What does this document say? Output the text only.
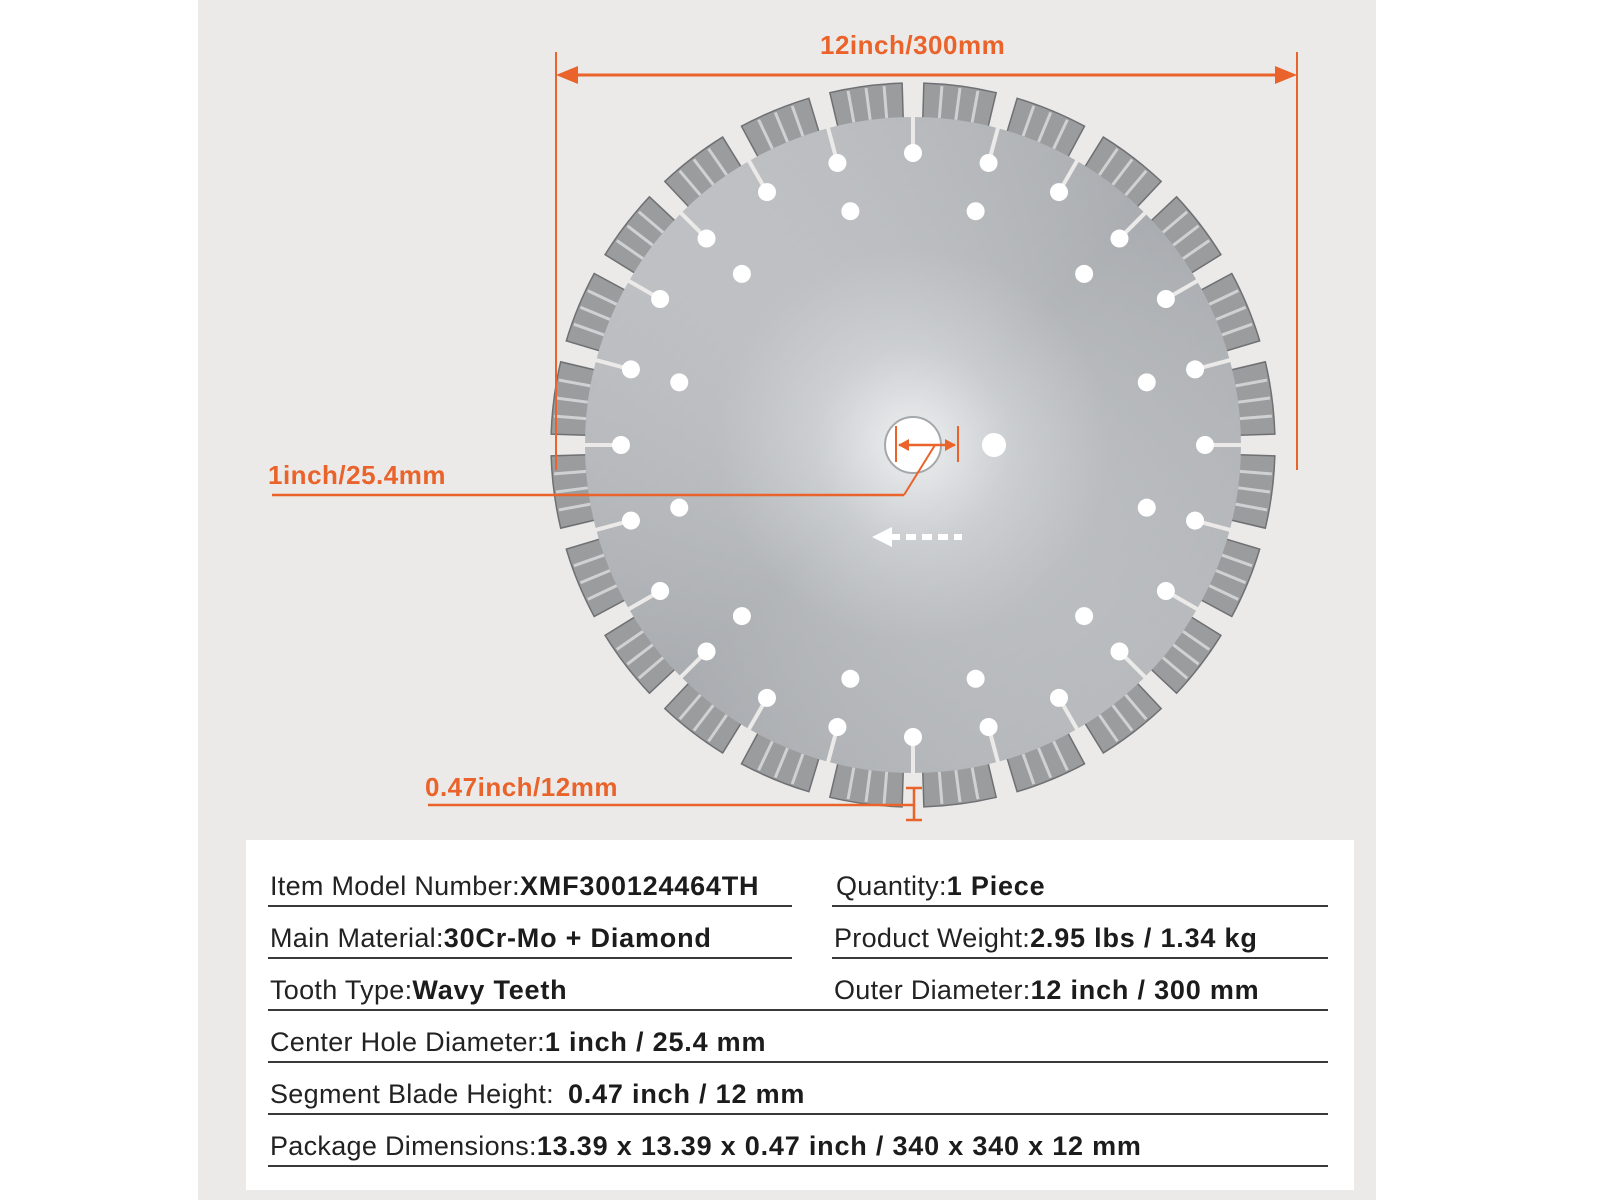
12inch/300mm
1inch/25.4mm
0.47inch/12mm
Item Model Number: XMF300124464TH	Quantity: 1 Piece
Main Material: 30Cr-Mo + Diamond	Product Weight: 2.95 lbs / 1.34 kg
Tooth Type: Wavy Teeth	Outer Diameter: 12 inch / 300 mm
Center Hole Diameter: 1 inch / 25.4 mm
Segment Blade Height: 0.47 inch / 12 mm
Package Dimensions: 13.39 x 13.39 x 0.47 inch / 340 x 340 x 12 mm
